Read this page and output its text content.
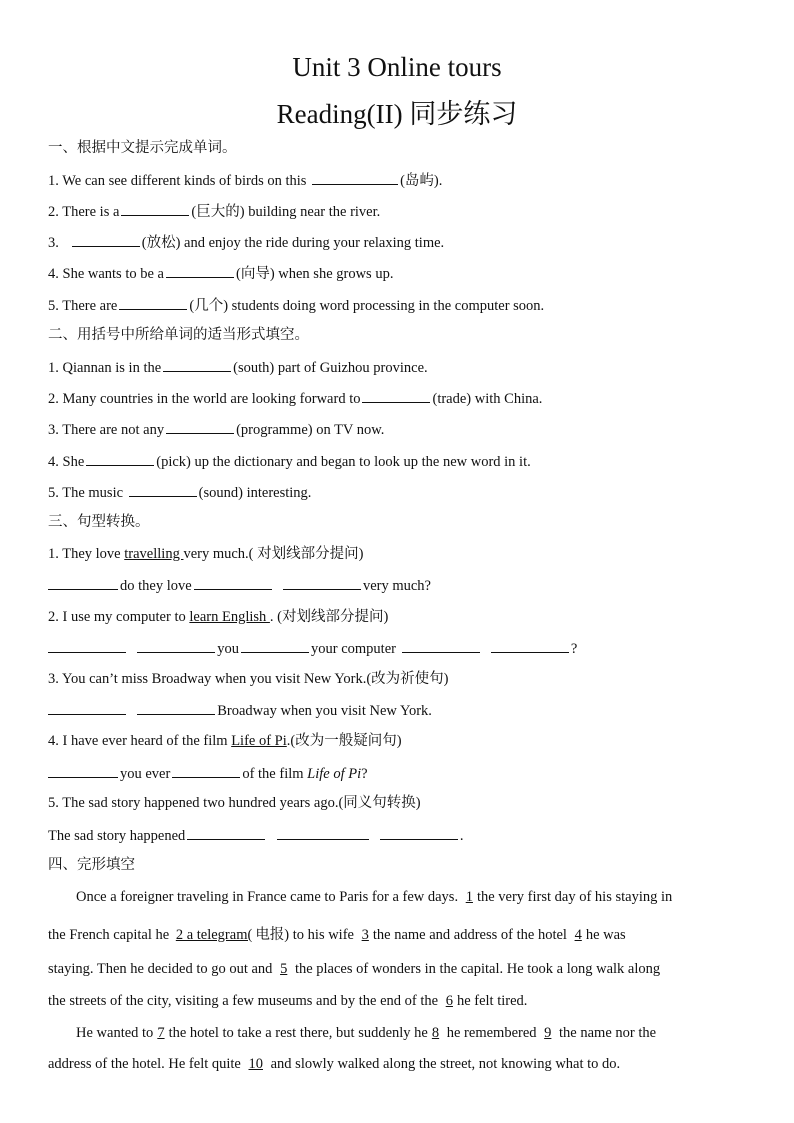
Unit 3 Online tours
Reading(II) 同步练习
一、根据中文提示完成单词。
1. We can see different kinds of birds on this	(岛屿).
2. There is a	(巨大的) building near the river.
3.	(放松) and enjoy the ride during your relaxing time.
4. She wants to be a	(向导) when she grows up.
5. There are	(几个) students doing word processing in the computer soon.
二、用括号中所给单词的适当形式填空。
1. Qiannan is in the	(south) part of Guizhou province.
2. Many countries in the world are looking forward to	(trade) with China.
3. There are not any	(programme) on TV now.
4. She	(pick) up the dictionary and began to look up the new word in it.
5. The music	(sound) interesting.
三、句型转换。
1. They love travelling very much.( 对划线部分提问)
do they love	very much?
2. I use my computer to learn English . (对划线部分提问)
you	your computer	?
3. You can’t miss Broadway when you visit New York.(改为祈使句)
Broadway when you visit New York.
4. I have ever heard of the film Life of Pi.(改为一般疑问句)
you ever	of the film Life of Pi?
5. The sad story happened two hundred years ago.(同义句转换)
The sad story happened	.
四、完形填空
Once a foreigner traveling in France came to Paris for a few days. 1 the very first day of his staying in
the French capital he 2 a telegram( 电报) to his wife 3 the name and address of the hotel 4 he was
staying. Then he decided to go out and 5 the places of wonders in the capital. He took a long walk along
the streets of the city, visiting a few museums and by the end of the 6 he felt tired.
He wanted to 7 the hotel to take a rest there, but suddenly he 8 he remembered 9 the name nor the
address of the hotel. He felt quite 10 and slowly walked along the street, not knowing what to do.
